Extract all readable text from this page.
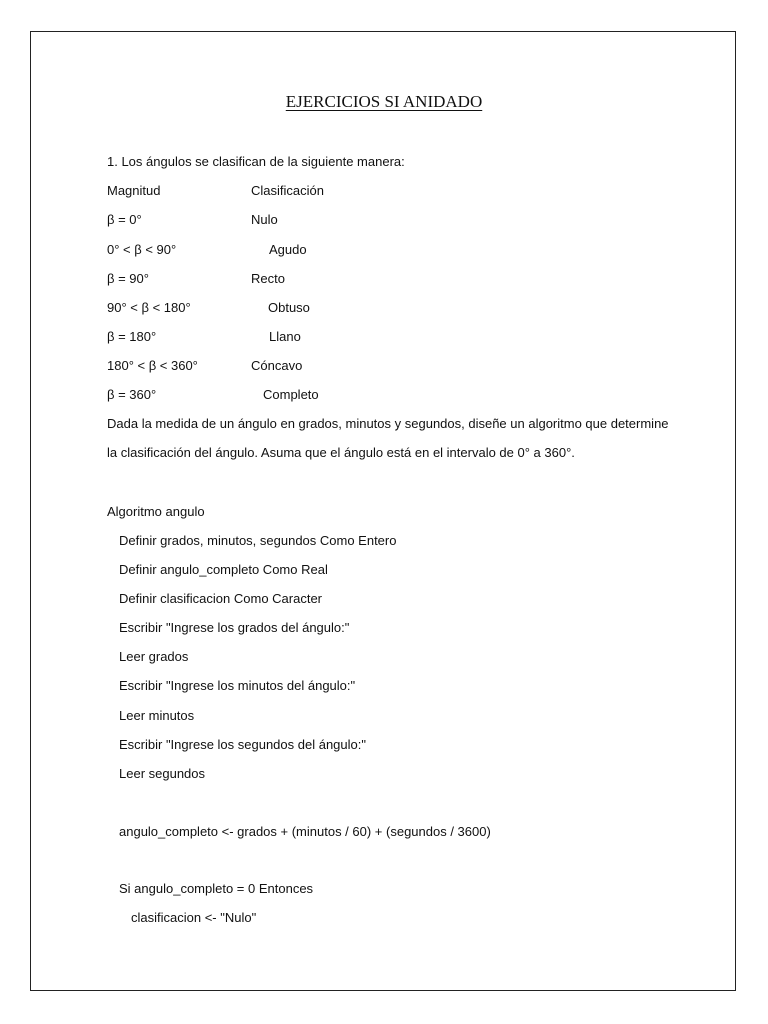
EJERCICIOS SI ANIDADO
1. Los ángulos se clasifican de la siguiente manera:
Magnitud	Clasificación
β = 0°	Nulo
0° < β < 90°	Agudo
β = 90°	Recto
90° < β < 180°	Obtuso
β = 180°	Llano
180° < β < 360°	Cóncavo
β = 360°	Completo
Dada la medida de un ángulo en grados, minutos y segundos, diseñe un algoritmo que determine
la clasificación del ángulo. Asuma que el ángulo está en el intervalo de 0° a 360°.
Algoritmo angulo
Definir grados, minutos, segundos Como Entero
Definir angulo_completo Como Real
Definir clasificacion Como Caracter
Escribir "Ingrese los grados del ángulo:"
Leer grados
Escribir "Ingrese los minutos del ángulo:"
Leer minutos
Escribir "Ingrese los segundos del ángulo:"
Leer segundos
angulo_completo <- grados + (minutos / 60) + (segundos / 3600)
Si angulo_completo = 0 Entonces
clasificacion <- "Nulo"
